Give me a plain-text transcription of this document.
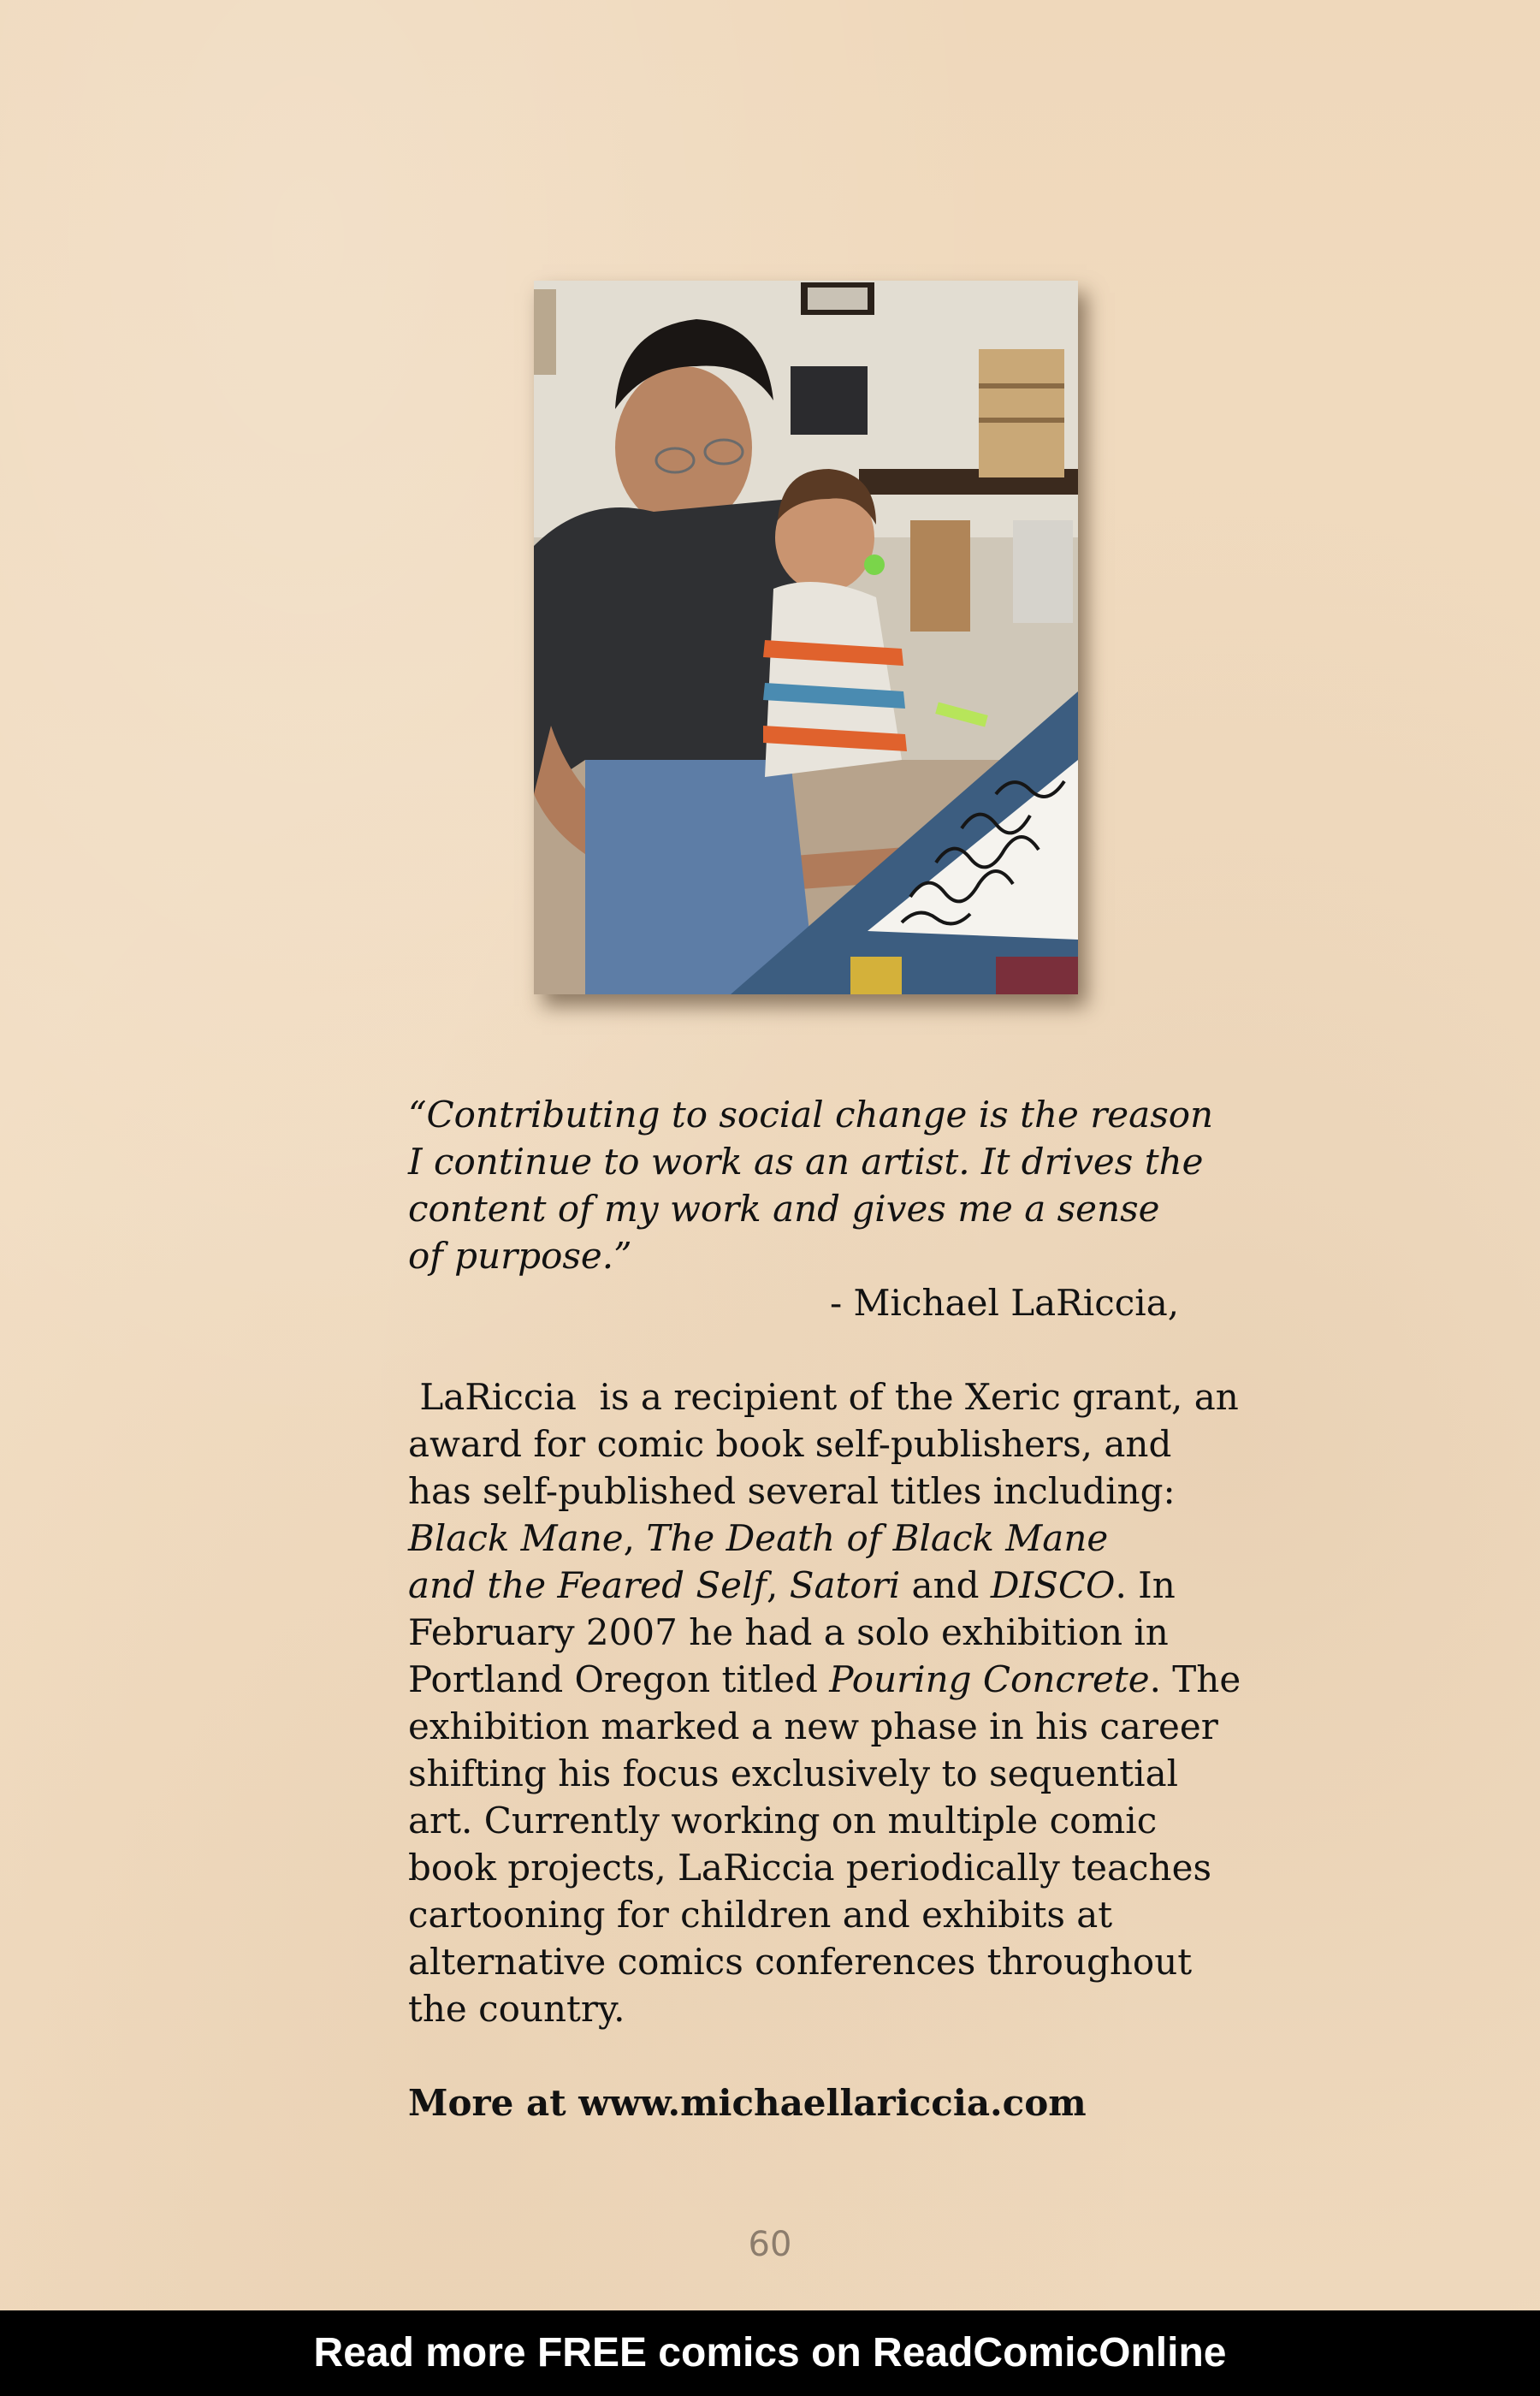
“Contributing to social change is the reason
I continue to work as an artist. It drives the
content of my work and gives me a sense
of purpose.”

- Michael LaRiccia,

LaRiccia  is a recipient of the Xeric grant, an
award for comic book self-publishers, and
has self-published several titles including:
Black Mane, The Death of Black Mane
and the Feared Self, Satori and DISCO. In
February 2007 he had a solo exhibition in
Portland Oregon titled Pouring Concrete. The
exhibition marked a new phase in his career
shifting his focus exclusively to sequential
art. Currently working on multiple comic
book projects, LaRiccia periodically teaches
cartooning for children and exhibits at
alternative comics conferences throughout
the country.

More at www.michaellariccia.com

60
Read more FREE comics on ReadComicOnline
